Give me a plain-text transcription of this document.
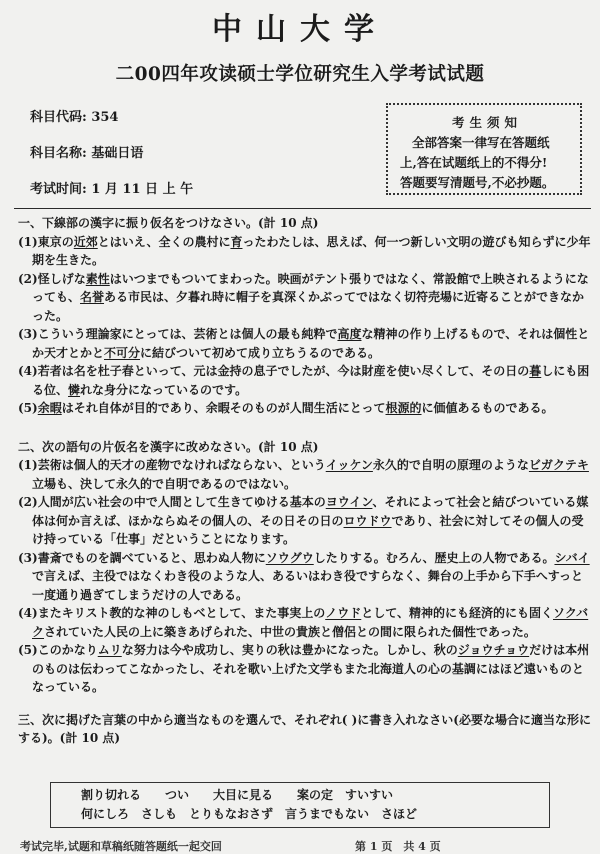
中山大学
二00四年攻读硕士学位研究生入学考试试题
科目代码: 354
科目名称: 基础日语
考试时间: 1 月 11 日 上 午
考生须知
全部答案一律写在答题纸
上,答在试题纸上的不得分!
答题要写清题号,不必抄题。
一、下線部の漢字に振り仮名をつけなさい。(計 10 点)
(1)東京の近郊とはいえ、全くの農村に育ったわたしは、思えば、何一つ新しい文明の遊びも知らずに少年期を生きた。
(2)怪しげな素性はいつまでもついてまわった。映画がテント張りではなく、常設館で上映されるようになっても、名誉ある市民は、夕暮れ時に帽子を真深くかぶってではなく切符売場に近寄ることができなかった。
(3)こういう理論家にとっては、芸術とは個人の最も純粋で高度な精神の作り上げるもので、それは個性とか天才とかと不可分に結びついて初めて成り立ちうるのである。
(4)若者は名を杜子春といって、元は金持の息子でしたが、今は財産を使い尽くして、その日の暮しにも困る位、憐れな身分になっているのです。
(5)余暇はそれ自体が目的であり、余暇そのものが人間生活にとって根源的に価値あるものである。
二、次の語句の片仮名を漢字に改めなさい。(計 10 点)
(1)芸術は個人的天才の産物でなければならない、というイッケン永久的で自明の原理のようなビガクテキ立場も、決して永久的で自明であるのではない。
(2)人間が広い社会の中で人間として生きてゆける基本のヨウイン、それによって社会と結びついている媒体は何か言えば、ほかならぬその個人の、その日その日のロウドウであり、社会に対してその個人の受け持っている「仕事」だということになります。
(3)書斎でものを調べていると、思わぬ人物にソウグウしたりする。むろん、歴史上の人物である。シバイで言えば、主役ではなくわき役のような人、あるいはわき役ですらなく、舞台の上手から下手へすっと一度通り過ぎてしまうだけの人である。
(4)またキリスト教的な神のしもべとして、また事実上のノウドとして、精神的にも経済的にも固くソクバクされていた人民の上に築きあげられた、中世の貴族と僧侶との間に限られた個性であった。
(5)このかなりムリな努力は今や成功し、実りの秋は豊かになった。しかし、秋のジョウチョウだけは本州のものは伝わってこなかったし、それを歌い上げた文学もまた北海道人の心の基調にはほど遠いものとなっている。
三、次に掲げた言葉の中から適当なものを選んで、それぞれ( )に書き入れなさい(必要な場合に適当な形にする)。(計 10 点)
割り切れる　　つい　　大目に見る　　案の定　すいすい
何にしろ　さしも　とりもなおさず　言うまでもない　さほど
考试完毕,试题和草稿纸随答题纸一起交回	第 1 页　共 4 页
